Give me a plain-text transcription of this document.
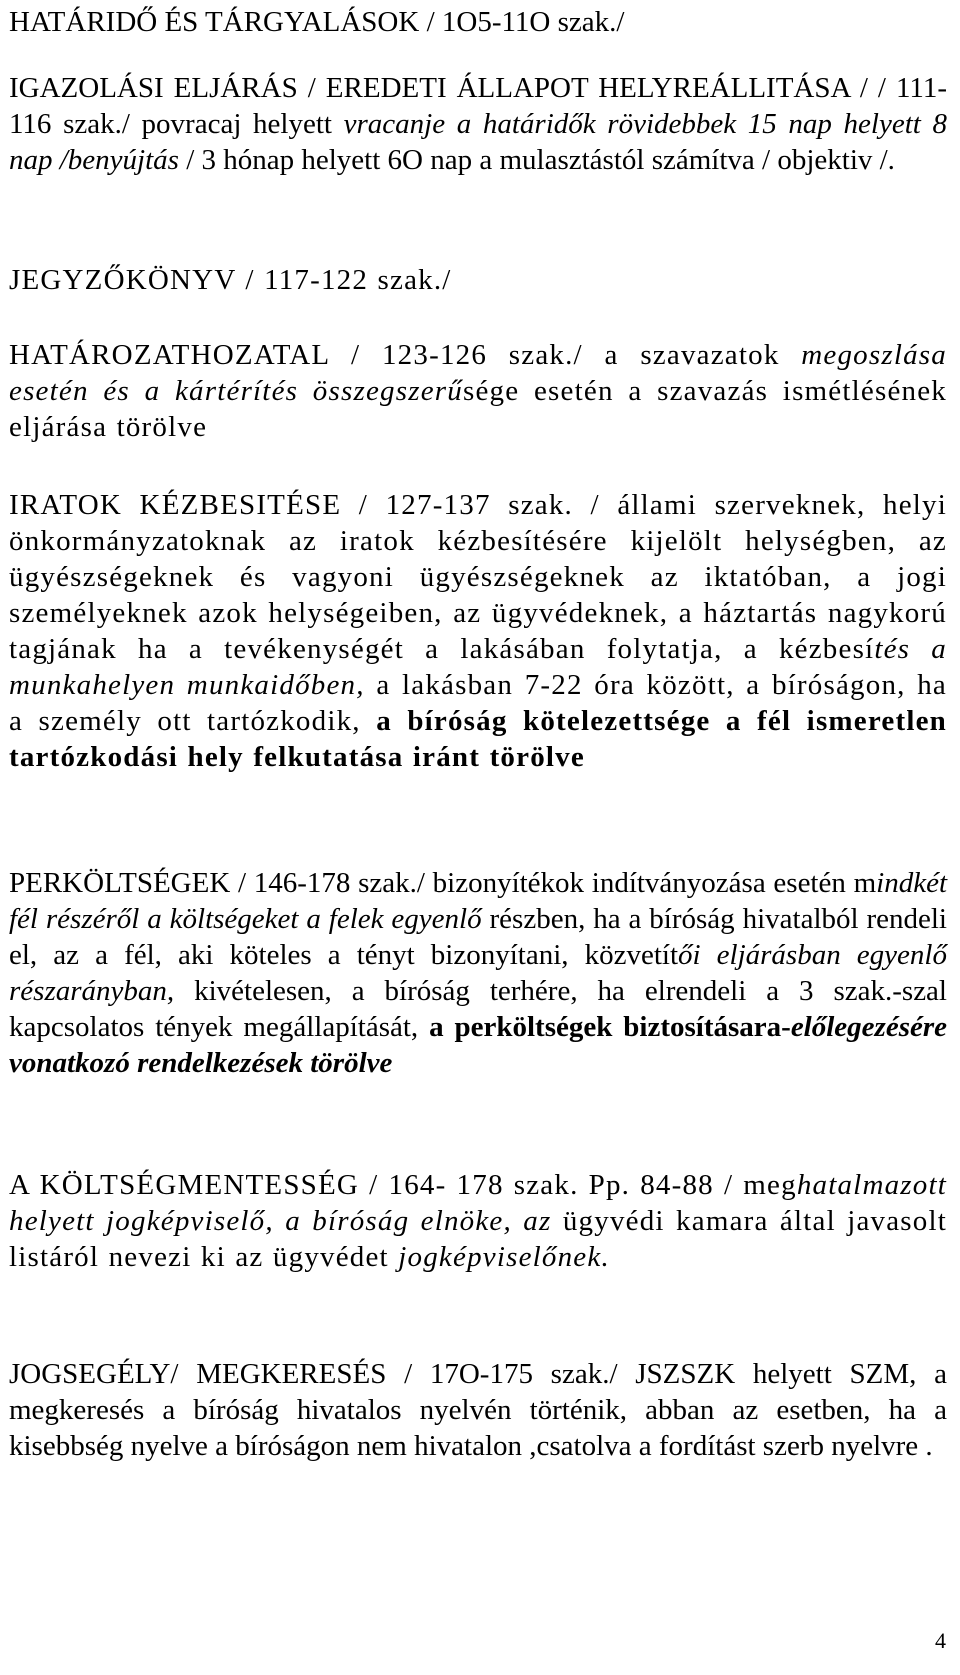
HATÁRIDŐ ÉS TÁRGYALÁSOK / 1O5-11O szak./

IGAZOLÁSI ELJÁRÁS / EREDETI ÁLLAPOT HELYREÁLLITÁSA / / 111-116 szak./ povracaj helyett vracanje a határidők rövidebbek 15 nap helyett 8 nap /benyújtás / 3 hónap helyett 6O nap a mulasztástól számítva / objektiv /.

JEGYZŐKÖNYV / 117-122 szak./

HATÁROZATHOZATAL / 123-126 szak./ a szavazatok megoszlása esetén és a kártérítés összegszerűsége esetén a szavazás ismétlésének eljárása törölve

IRATOK KÉZBESITÉSE / 127-137 szak. / állami szerveknek, helyi önkormányzatoknak az iratok kézbesítésére kijelölt helységben, az ügyészségeknek és vagyoni ügyészségeknek az iktatóban, a jogi személyeknek azok helységeiben, az ügyvédeknek, a háztartás nagykorú tagjának ha a tevékenységét a lakásában folytatja, a kézbesítés a munkahelyen munkaidőben, a lakásban 7-22 óra között, a bíróságon, ha a személy ott tartózkodik, a bíróság kötelezettsége a fél ismeretlen tartózkodási hely felkutatása iránt törölve

PERKÖLTSÉGEK / 146-178 szak./ bizonyítékok indítványozása esetén mindkét fél részéről a költségeket a felek egyenlő részben, ha a bíróság hivatalból rendeli el, az a fél, aki köteles a tényt bizonyítani, közvetítői eljárásban egyenlő részarányban, kivételesen, a bíróság terhére, ha elrendeli a 3 szak.-szal kapcsolatos tények megállapítását, a perköltségek biztosításara-előlegezésére vonatkozó rendelkezések törölve

A KÖLTSÉGMENTESSÉG / 164- 178 szak. Pp. 84-88 / meghatalmazott helyett jogképviselő, a bíróság elnöke, az ügyvédi kamara által javasolt listáról nevezi ki az ügyvédet jogképviselőnek.

JOGSEGÉLY/ MEGKERESÉS / 17O-175 szak./ JSZSZK helyett SZM, a megkeresés a bíróság hivatalos nyelvén történik, abban az esetben, ha a kisebbség nyelve a bíróságon nem hivatalon ,csatolva a fordítást szerb nyelvre .

4
